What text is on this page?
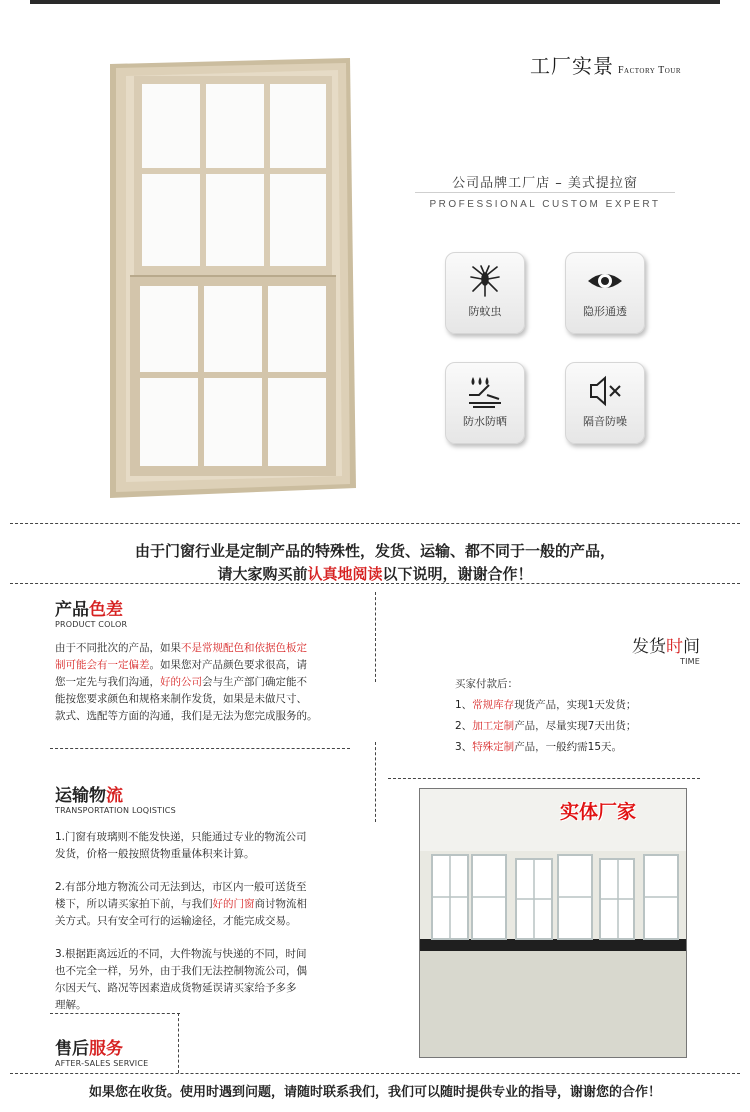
工厂实景 Factory Tour
公司品牌工厂店 – 美式提拉窗
PROFESSIONAL CUSTOM EXPERT
防蚊虫	隐形通透
防水防晒	隔音防噪
由于门窗行业是定制产品的特殊性，发货、运输、都不同于一般的产品，
请大家购买前认真地阅读以下说明，谢谢合作！
产品色差
PRODUCT COLOR
由于不同批次的产品，如果不是常规配色和依据色板定
制可能会有一定偏差。如果您对产品颜色要求很高，请
您一定先与我们沟通，好的公司会与生产部门确定能不
能按您要求颜色和规格来制作发货，如果是未做尺寸、
款式、选配等方面的沟通，我们是无法为您完成服务的。
发货时间
TIME
买家付款后：
1、常规库存现货产品，实现1天发货；
2、加工定制产品，尽量实现7天出货；
3、特殊定制产品，一般约需15天。
运输物流
TRANSPORTATION LOQISTICS
1.门窗有玻璃则不能发快递，只能通过专业的物流公司
发货，价格一般按照货物重量体积来计算。
2.有部分地方物流公司无法到达，市区内一般可送货至
楼下，所以请买家拍下前，与我们好的门窗商讨物流相
关方式。只有安全可行的运输途径，才能完成交易。
3.根据距离远近的不同，大件物流与快递的不同，时间
也不完全一样，另外，由于我们无法控制物流公司，偶
尔因天气、路况等因素造成货物延误请买家给予多多
理解。
实体厂家
售后服务
AFTER-SALES SERVICE
如果您在收货。使用时遇到问题，请随时联系我们，我们可以随时提供专业的指导，谢谢您的合作！
